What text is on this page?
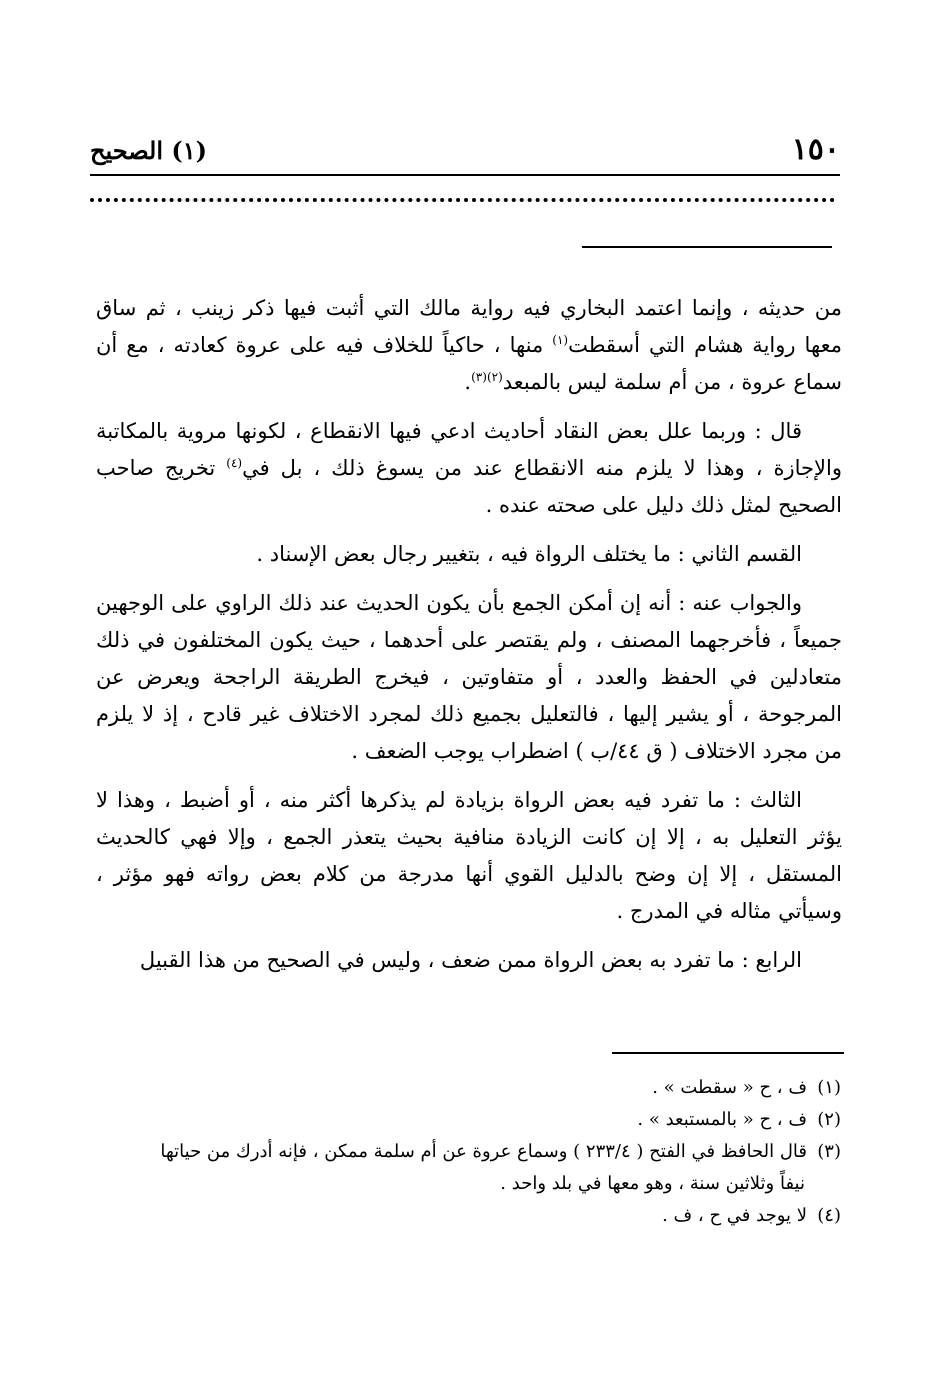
١٥٠
(١) الصحيح

من حديثه ، وإنما اعتمد البخاري فيه رواية مالك التي أثبت فيها ذكر زينب ، ثم ساق معها رواية هشام التي أسقطت$^{(١)}$ منها ، حاكياً للخلاف فيه على عروة كعادته ، مع أن سماع عروة ، من أم سلمة ليس بالمبعد$^{(٢)(٣)}$.

قال : وربما علل بعض النقاد أحاديث ادعي فيها الانقطاع ، لكونها مروية بالمكاتبة والإجازة ، وهذا لا يلزم منه الانقطاع عند من يسوغ ذلك ، بل في$^{(٤)}$ تخريج صاحب الصحيح لمثل ذلك دليل على صحته عنده .

القسم الثاني : ما يختلف الرواة فيه ، بتغيير رجال بعض الإسناد .

والجواب عنه : أنه إن أمكن الجمع بأن يكون الحديث عند ذلك الراوي على الوجهين جميعاً ، فأخرجهما المصنف ، ولم يقتصر على أحدهما ، حيث يكون المختلفون في ذلك متعادلين في الحفظ والعدد ، أو متفاوتين ، فيخرج الطريقة الراجحة ويعرض عن المرجوحة ، أو يشير إليها ، فالتعليل بجميع ذلك لمجرد الاختلاف غير قادح ، إذ لا يلزم من مجرد الاختلاف ( ق ٤٤/ب ) اضطراب يوجب الضعف .

الثالث : ما تفرد فيه بعض الرواة بزيادة لم يذكرها أكثر منه ، أو أضبط ، وهذا لا يؤثر التعليل به ، إلا إن كانت الزيادة منافية بحيث يتعذر الجمع ، وإلا فهي كالحديث المستقل ، إلا إن وضح بالدليل القوي أنها مدرجة من كلام بعض رواته فهو مؤثر ، وسيأتي مثاله في المدرج .

الرابع : ما تفرد به بعض الرواة ممن ضعف ، وليس في الصحيح من هذا القبيل

(١)ف ، ح « سقطت » .

(٢)ف ، ح « بالمستبعد » .

(٣)قال الحافظ في الفتح ( ٢٣٣/٤ ) وسماع عروة عن أم سلمة ممكن ، فإنه أدرك من حياتها

نيفاً وثلاثين سنة ، وهو معها في بلد واحد .

(٤)لا يوجد في ح ، ف .
